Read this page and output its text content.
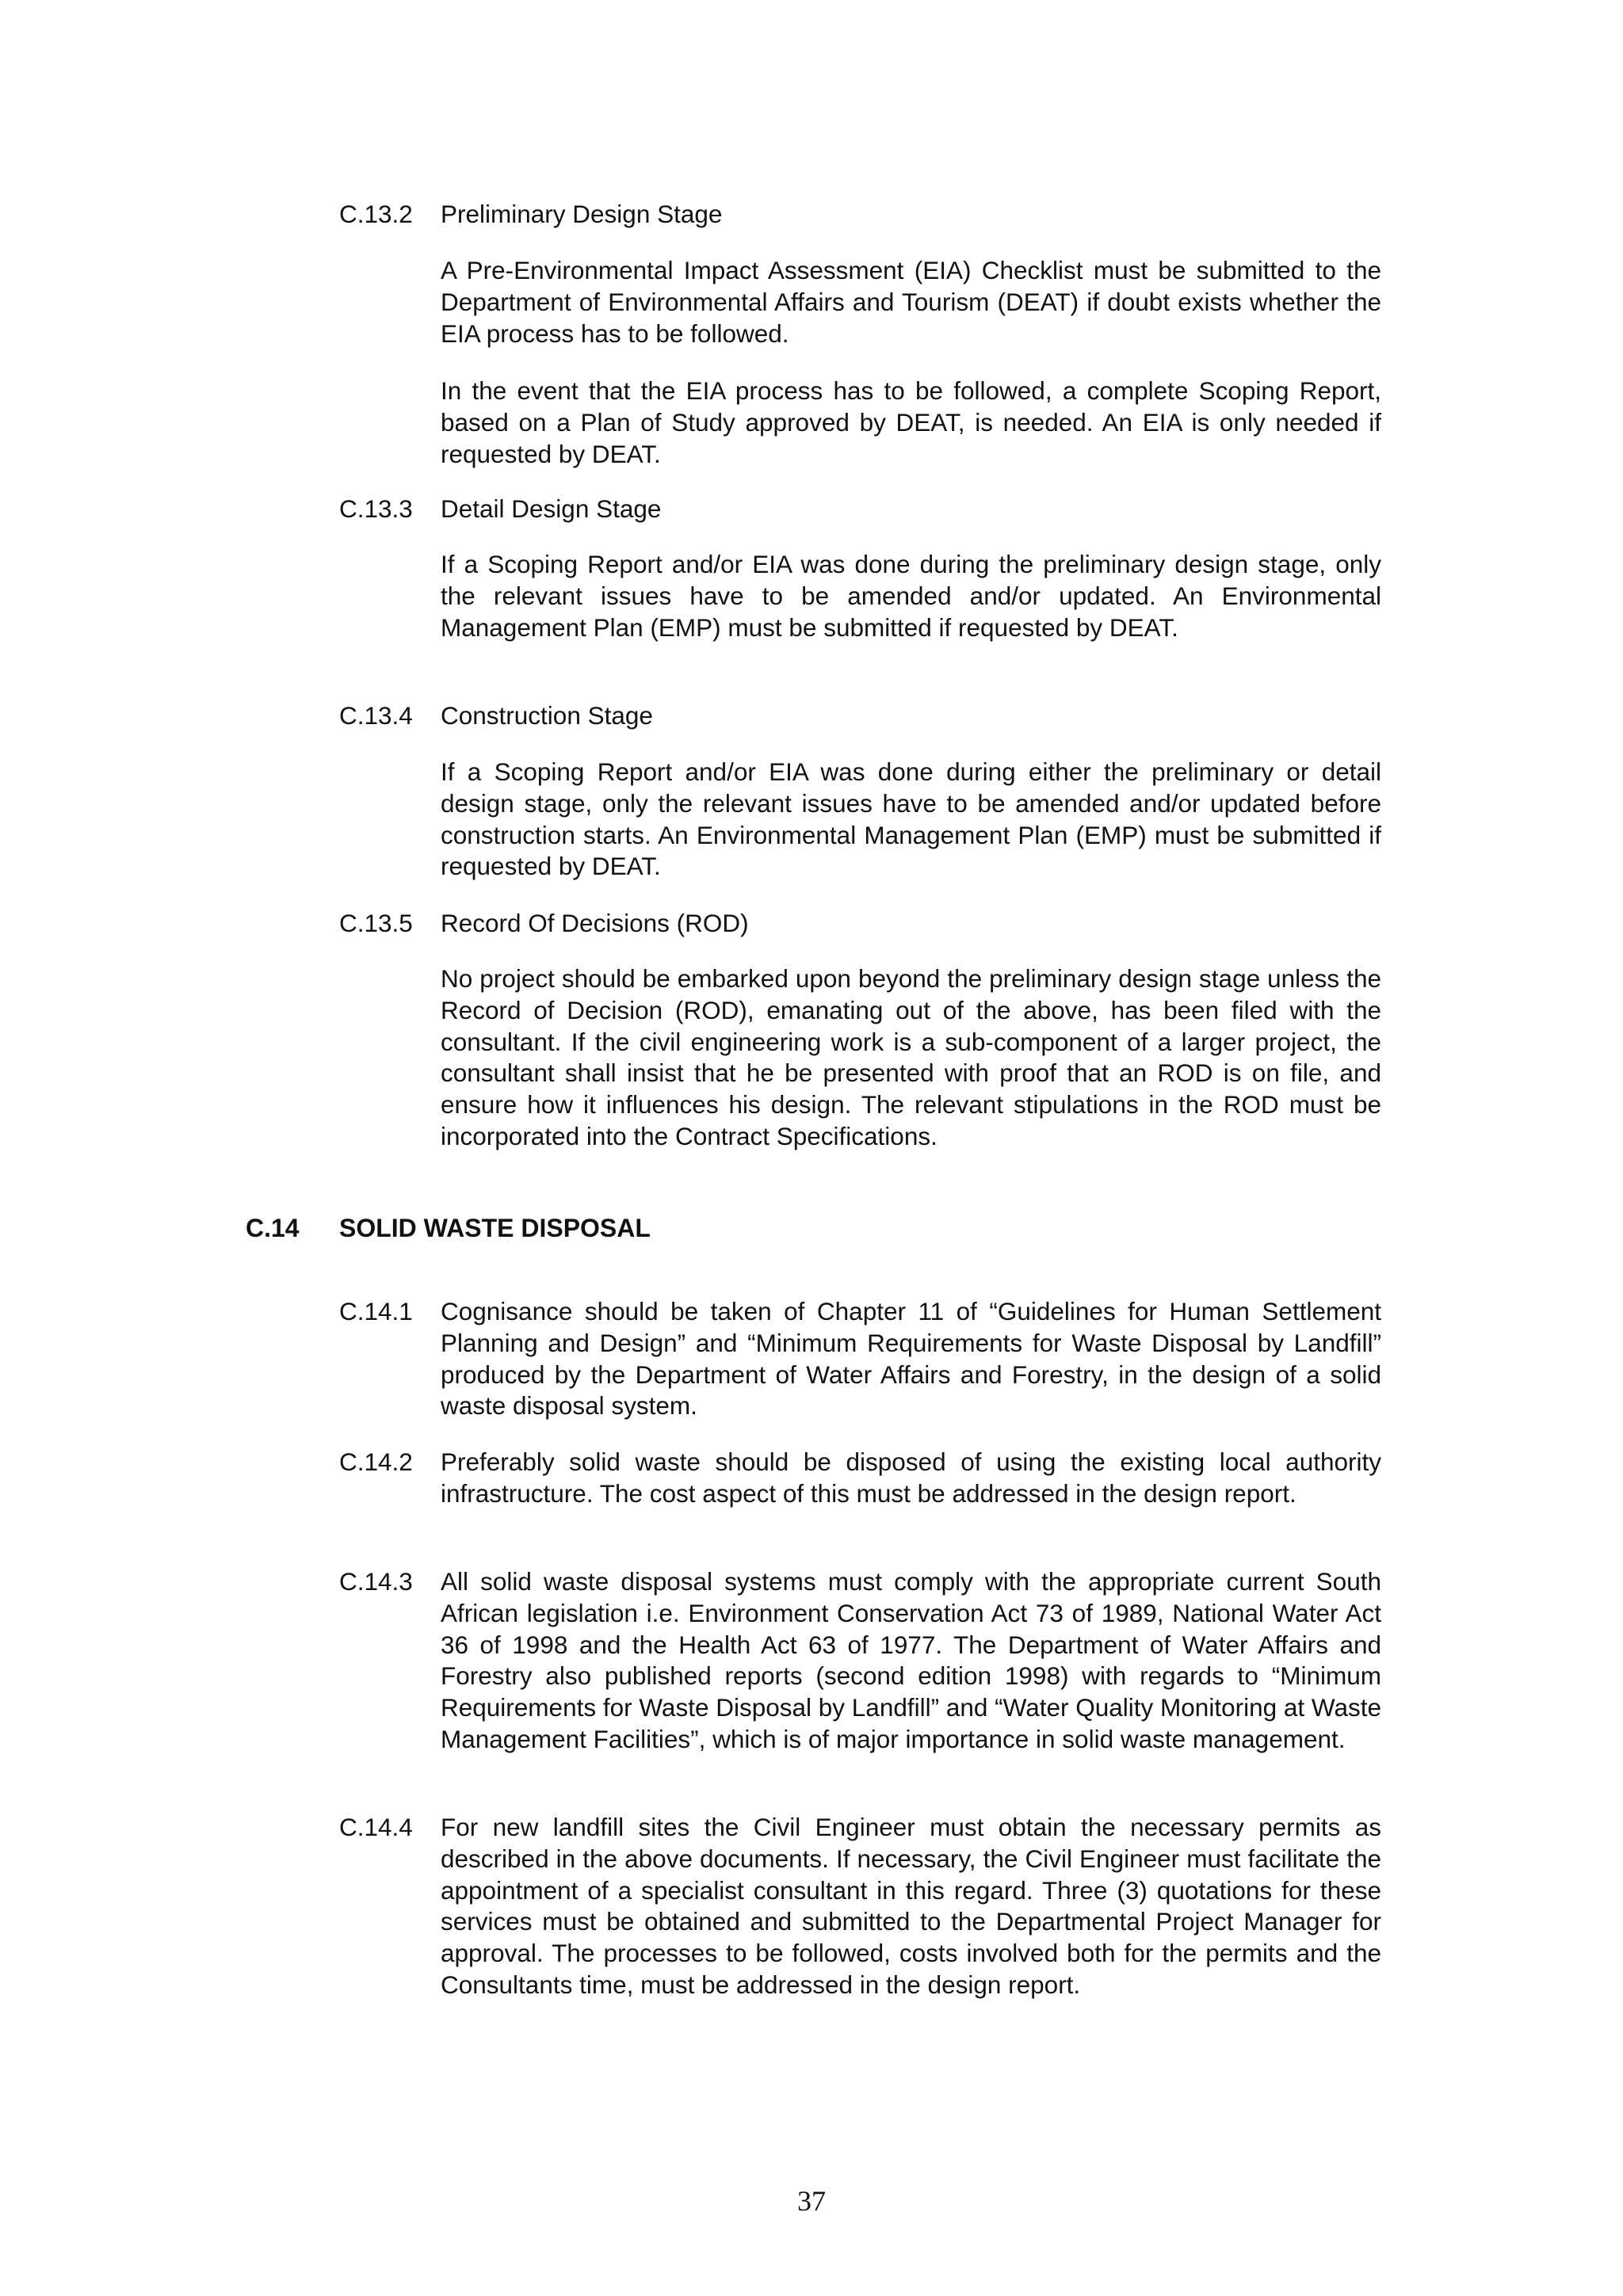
C.13.2 Preliminary Design Stage
A Pre-Environmental Impact Assessment (EIA) Checklist must be submitted to the Department of Environmental Affairs and Tourism (DEAT) if doubt exists whether the EIA process has to be followed.
In the event that the EIA process has to be followed, a complete Scoping Report, based on a Plan of Study approved by DEAT, is needed. An EIA is only needed if requested by DEAT.
C.13.3 Detail Design Stage
If a Scoping Report and/or EIA was done during the preliminary design stage, only the relevant issues have to be amended and/or updated. An Environmental Management Plan (EMP) must be submitted if requested by DEAT.
C.13.4 Construction Stage
If a Scoping Report and/or EIA was done during either the preliminary or detail design stage, only the relevant issues have to be amended and/or updated before construction starts. An Environmental Management Plan (EMP) must be submitted if requested by DEAT.
C.13.5 Record Of Decisions (ROD)
No project should be embarked upon beyond the preliminary design stage unless the Record of Decision (ROD), emanating out of the above, has been filed with the consultant. If the civil engineering work is a sub-component of a larger project, the consultant shall insist that he be presented with proof that an ROD is on file, and ensure how it influences his design. The relevant stipulations in the ROD must be incorporated into the Contract Specifications.
C.14 SOLID WASTE DISPOSAL
C.14.1	Cognisance should be taken of Chapter 11 of “Guidelines for Human Settlement Planning and Design” and “Minimum Requirements for Waste Disposal by Landfill” produced by the Department of Water Affairs and Forestry, in the design of a solid waste disposal system.
C.14.2	Preferably solid waste should be disposed of using the existing local authority infrastructure. The cost aspect of this must be addressed in the design report.
C.14.3	All solid waste disposal systems must comply with the appropriate current South African legislation i.e. Environment Conservation Act 73 of 1989, National Water Act 36 of 1998 and the Health Act 63 of 1977. The Department of Water Affairs and Forestry also published reports (second edition 1998) with regards to “Minimum Requirements for Waste Disposal by Landfill” and “Water Quality Monitoring at Waste Management Facilities”, which is of major importance in solid waste management.
C.14.4	For new landfill sites the Civil Engineer must obtain the necessary permits as described in the above documents. If necessary, the Civil Engineer must facilitate the appointment of a specialist consultant in this regard. Three (3) quotations for these services must be obtained and submitted to the Departmental Project Manager for approval. The processes to be followed, costs involved both for the permits and the Consultants time, must be addressed in the design report.
37
